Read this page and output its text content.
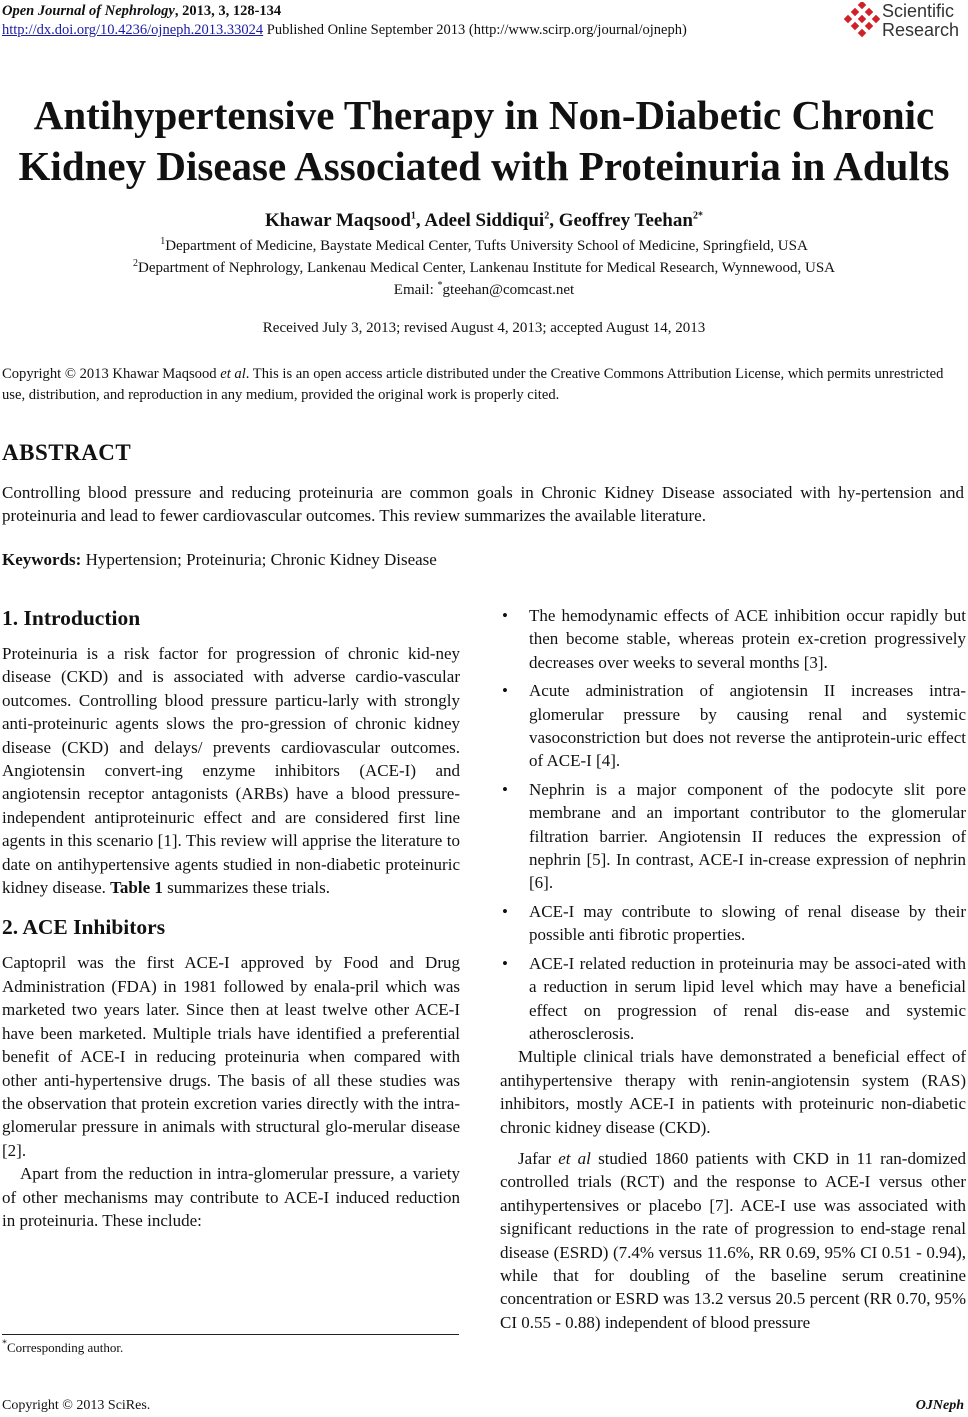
Open Journal of Nephrology, 2013, 3, 128-134
http://dx.doi.org/10.4236/ojneph.2013.33024 Published Online September 2013 (http://www.scirp.org/journal/ojneph)
Scientific
Research
Antihypertensive Therapy in Non-Diabetic Chronic Kidney Disease Associated with Proteinuria in Adults
Khawar Maqsood$^1$, Adeel Siddiqui$^2$, Geoffrey Teehan$^{2*}$
$^1$Department of Medicine, Baystate Medical Center, Tufts University School of Medicine, Springfield, USA
$^2$Department of Nephrology, Lankenau Medical Center, Lankenau Institute for Medical Research, Wynnewood, USA
Email: *gteehan@comcast.net
Received July 3, 2013; revised August 4, 2013; accepted August 14, 2013
Copyright © 2013 Khawar Maqsood et al. This is an open access article distributed under the Creative Commons Attribution License, which permits unrestricted use, distribution, and reproduction in any medium, provided the original work is properly cited.
ABSTRACT
Controlling blood pressure and reducing proteinuria are common goals in Chronic Kidney Disease associated with hy-pertension and proteinuria and lead to fewer cardiovascular outcomes. This review summarizes the available literature.
Keywords: Hypertension; Proteinuria; Chronic Kidney Disease
1. Introduction

Proteinuria is a risk factor for progression of chronic kid-ney disease (CKD) and is associated with adverse cardio-vascular outcomes. Controlling blood pressure particu-larly with strongly anti-proteinuric agents slows the pro-gression of chronic kidney disease (CKD) and delays/ prevents cardiovascular outcomes. Angiotensin convert-ing enzyme inhibitors (ACE-I) and angiotensin receptor antagonists (ARBs) have a blood pressure-independent antiproteinuric effect and are considered first line agents in this scenario [1]. This review will apprise the literature to date on antihypertensive agents studied in non-diabetic proteinuric kidney disease. Table 1 summarizes these trials.

2. ACE Inhibitors

Captopril was the first ACE-I approved by Food and Drug Administration (FDA) in 1981 followed by enala-pril which was marketed two years later. Since then at least twelve other ACE-I have been marketed. Multiple trials have identified a preferential benefit of ACE-I in reducing proteinuria when compared with other anti-hypertensive drugs. The basis of all these studies was the observation that protein excretion varies directly with the intra-glomerular pressure in animals with structural glo-merular disease [2].

Apart from the reduction in intra-glomerular pressure, a variety of other mechanisms may contribute to ACE-I induced reduction in proteinuria. These include:

• The hemodynamic effects of ACE inhibition occur rapidly but then become stable, whereas protein ex-cretion progressively decreases over weeks to several months [3].
• Acute administration of angiotensin II increases intra-glomerular pressure by causing renal and systemic vasoconstriction but does not reverse the antiprotein-uric effect of ACE-I [4].
• Nephrin is a major component of the podocyte slit pore membrane and an important contributor to the glomerular filtration barrier. Angiotensin II reduces the expression of nephrin [5]. In contrast, ACE-I in-crease expression of nephrin [6].
• ACE-I may contribute to slowing of renal disease by their possible anti fibrotic properties.
• ACE-I related reduction in proteinuria may be associ-ated with a reduction in serum lipid level which may have a beneficial effect on progression of renal dis-ease and systemic atherosclerosis.

Multiple clinical trials have demonstrated a beneficial effect of antihypertensive therapy with renin-angiotensin system (RAS) inhibitors, mostly ACE-I in patients with proteinuric non-diabetic chronic kidney disease (CKD).

Jafar et al studied 1860 patients with CKD in 11 ran-domized controlled trials (RCT) and the response to ACE-I versus other antihypertensives or placebo [7]. ACE-I use was associated with significant reductions in the rate of progression to end-stage renal disease (ESRD) (7.4% versus 11.6%, RR 0.69, 95% CI 0.51 - 0.94), while that for doubling of the baseline serum creatinine concentration or ESRD was 13.2 versus 20.5 percent (RR 0.70, 95% CI 0.55 - 0.88) independent of blood pressure

*Corresponding author.
Copyright © 2013 SciRes.	OJNeph
